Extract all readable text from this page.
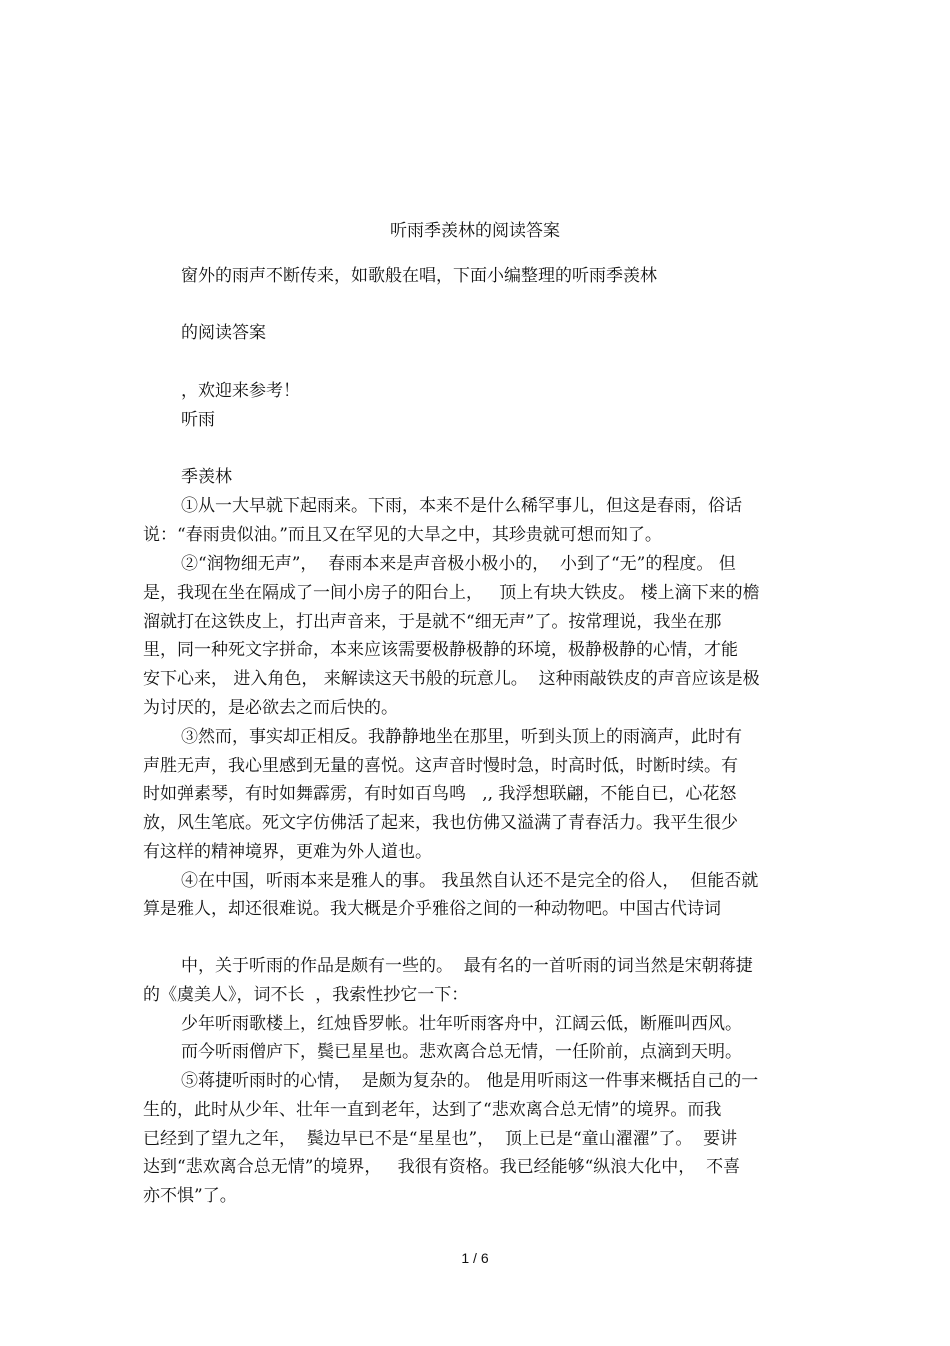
听雨季羡林的阅读答案
窗外的雨声不断传来，如歌般在唱，下面小编整理的听雨季羡林
的阅读答案
，欢迎来参考！
听雨
季羡林
①从一大早就下起雨来。下雨，本来不是什么稀罕事儿，但这是春雨，俗话
说：“春雨贵似油。”而且又在罕见的大旱之中，其珍贵就可想而知了。
②“润物细无声”，  春雨本来是声音极小极小的，  小到了“无”的程度。 但
是，我现在坐在隔成了一间小房子的阳台上，   顶上有块大铁皮。 楼上滴下来的檐
溜就打在这铁皮上，打出声音来，于是就不“细无声”了。按常理说，我坐在那
里，同一种死文字拼命，本来应该需要极静极静的环境，极静极静的心情，才能
安下心来， 进入角色， 来解读这天书般的玩意儿。  这种雨敲铁皮的声音应该是极
为讨厌的，是必欲去之而后快的。
③然而，事实却正相反。我静静地坐在那里，听到头顶上的雨滴声，此时有
声胜无声，我心里感到无量的喜悦。这声音时慢时急，时高时低，时断时续。有
时如弹素琴，有时如舞霹雳，有时如百鸟鸣   ,, 我浮想联翩，不能自已，心花怒
放，风生笔底。死文字仿佛活了起来，我也仿佛又溢满了青春活力。我平生很少
有这样的精神境界，更难为外人道也。
④在中国，听雨本来是雅人的事。 我虽然自认还不是完全的俗人，  但能否就
算是雅人，却还很难说。我大概是介乎雅俗之间的一种动物吧。中国古代诗词
中，关于听雨的作品是颇有一些的。  最有名的一首听雨的词当然是宋朝蒋捷
的《虞美人》，词不长  ，我索性抄它一下：
少年听雨歌楼上，红烛昏罗帐。壮年听雨客舟中，江阔云低，断雁叫西风。
而今听雨僧庐下，鬓已星星也。悲欢离合总无情，一任阶前，点滴到天明。
⑤蒋捷听雨时的心情，  是颇为复杂的。 他是用听雨这一件事来概括自己的一
生的，此时从少年、壮年一直到老年，达到了“悲欢离合总无情”的境界。而我
已经到了望九之年，  鬓边早已不是“星星也”，  顶上已是“童山濯濯”了。  要讲
达到“悲欢离合总无情”的境界，   我很有资格。我已经能够“纵浪大化中，  不喜
亦不惧”了。
1 / 6
